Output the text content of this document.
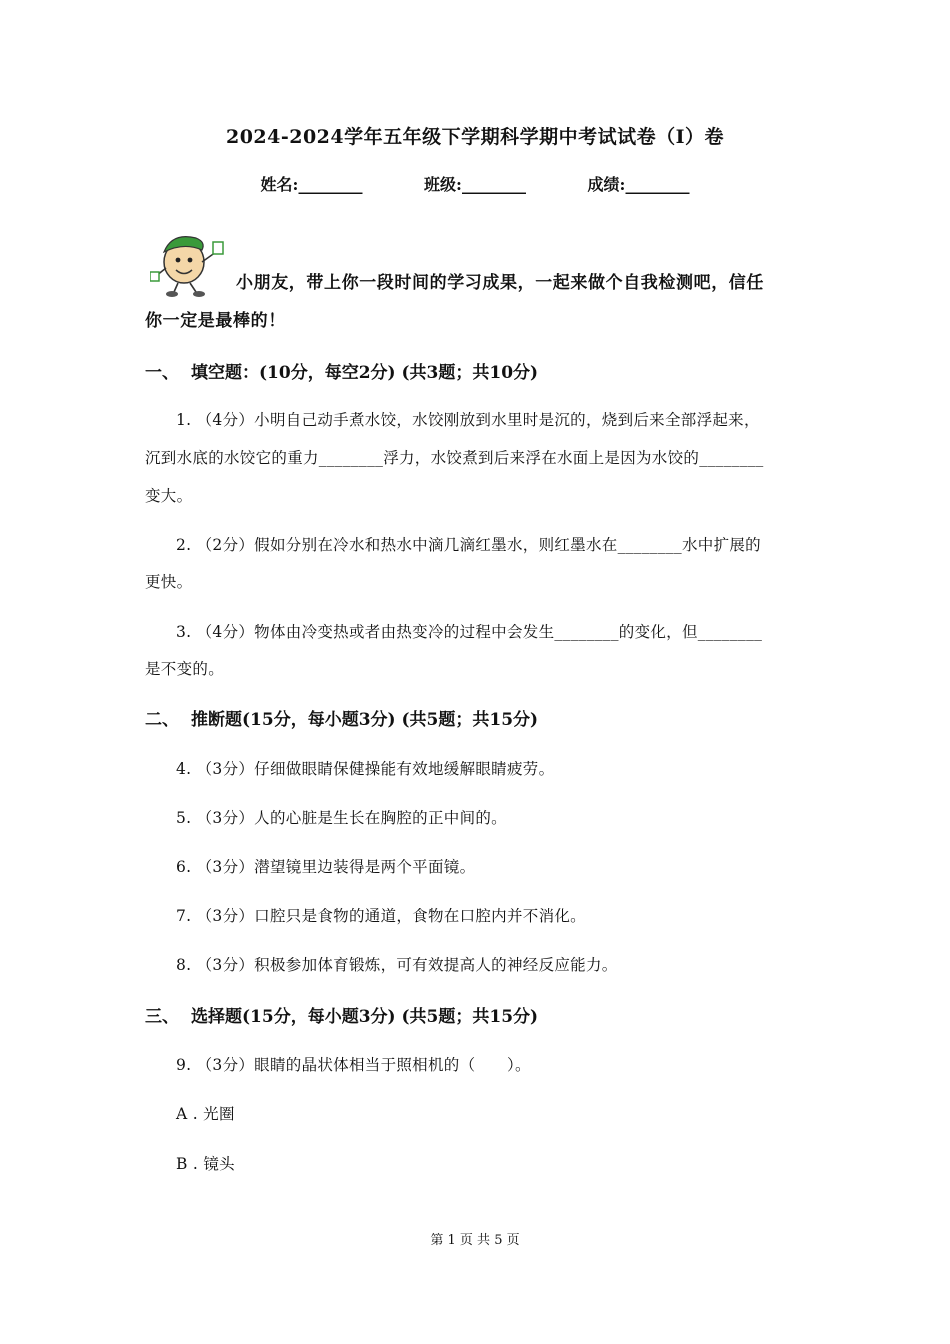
2024-2024学年五年级下学期科学期中考试试卷（I）卷
姓名:________	班级:________	成绩:________
小朋友，带上你一段时间的学习成果，一起来做个自我检测吧，信任
你一定是最棒的！
一、 填空题：(10分，每空2分) (共3题；共10分)
1. （4分）小明自己动手煮水饺，水饺刚放到水里时是沉的，烧到后来全部浮起来，
沉到水底的水饺它的重力________浮力，水饺煮到后来浮在水面上是因为水饺的________
变大。
2. （2分）假如分别在冷水和热水中滴几滴红墨水，则红墨水在________水中扩展的
更快。
3. （4分）物体由冷变热或者由热变冷的过程中会发生________的变化，但________
是不变的。
二、 推断题(15分，每小题3分) (共5题；共15分)
4. （3分）仔细做眼睛保健操能有效地缓解眼睛疲劳。
5. （3分）人的心脏是生长在胸腔的正中间的。
6. （3分）潜望镜里边装得是两个平面镜。
7. （3分）口腔只是食物的通道，食物在口腔内并不消化。
8. （3分）积极参加体育锻炼，可有效提高人的神经反应能力。
三、 选择题(15分，每小题3分) (共5题；共15分)
9. （3分）眼睛的晶状体相当于照相机的（　　）。
A . 光圈
B . 镜头
第 1 页 共 5 页
